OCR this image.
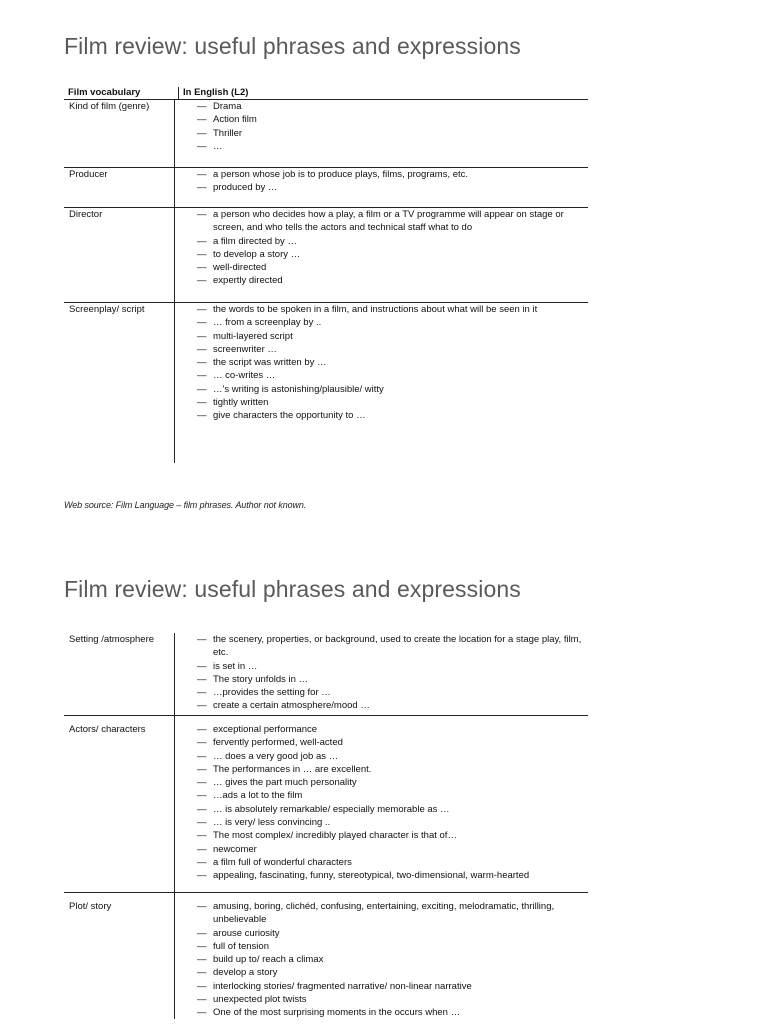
Film review: useful phrases and expressions
Film vocabulary	In English (L2)
Kind of film (genre)	— Drama
— Action film
— Thriller
— …
Producer	— a person whose job is to produce plays, films, programs, etc.
— produced by …
Director	— a person who decides how a play, a film or a TV programme will appear on stage or screen, and who tells the actors and technical staff what to do
— a film directed by …
— to develop a story …
— well-directed
— expertly directed
Screenplay/ script	— the words to be spoken in a film, and instructions about what will be seen in it
— … from a screenplay by ..
— multi-layered script
— screenwriter …
— the script was written by …
— … co-writes …
— …'s writing is astonishing/plausible/ witty
— tightly written
— give characters the opportunity to …
Web source: Film Language – film phrases. Author not known.
Film review: useful phrases and expressions
Setting /atmosphere	— the scenery, properties, or background, used to create the location for a stage play, film, etc.
— is set in …
— The story unfolds in …
— …provides the setting for …
— create a certain atmosphere/mood …
Actors/ characters	— exceptional performance
— fervently performed, well-acted
— … does a very good job as …
— The performances in … are excellent.
— … gives the part much personality
— …ads a lot to the film
— … is absolutely remarkable/ especially memorable as …
— … is very/ less convincing ..
— The most complex/ incredibly played character is that of…
— newcomer
— a film full of wonderful characters
— appealing, fascinating, funny, stereotypical, two-dimensional, warm-hearted
Plot/ story	— amusing, boring, clichéd, confusing, entertaining, exciting, melodramatic, thrilling, unbelievable
— arouse curiosity
— full of tension
— build up to/ reach a climax
— develop a story
— interlocking stories/ fragmented narrative/ non-linear narrative
— unexpected plot twists
— One of the most surprising moments in the occurs when …
